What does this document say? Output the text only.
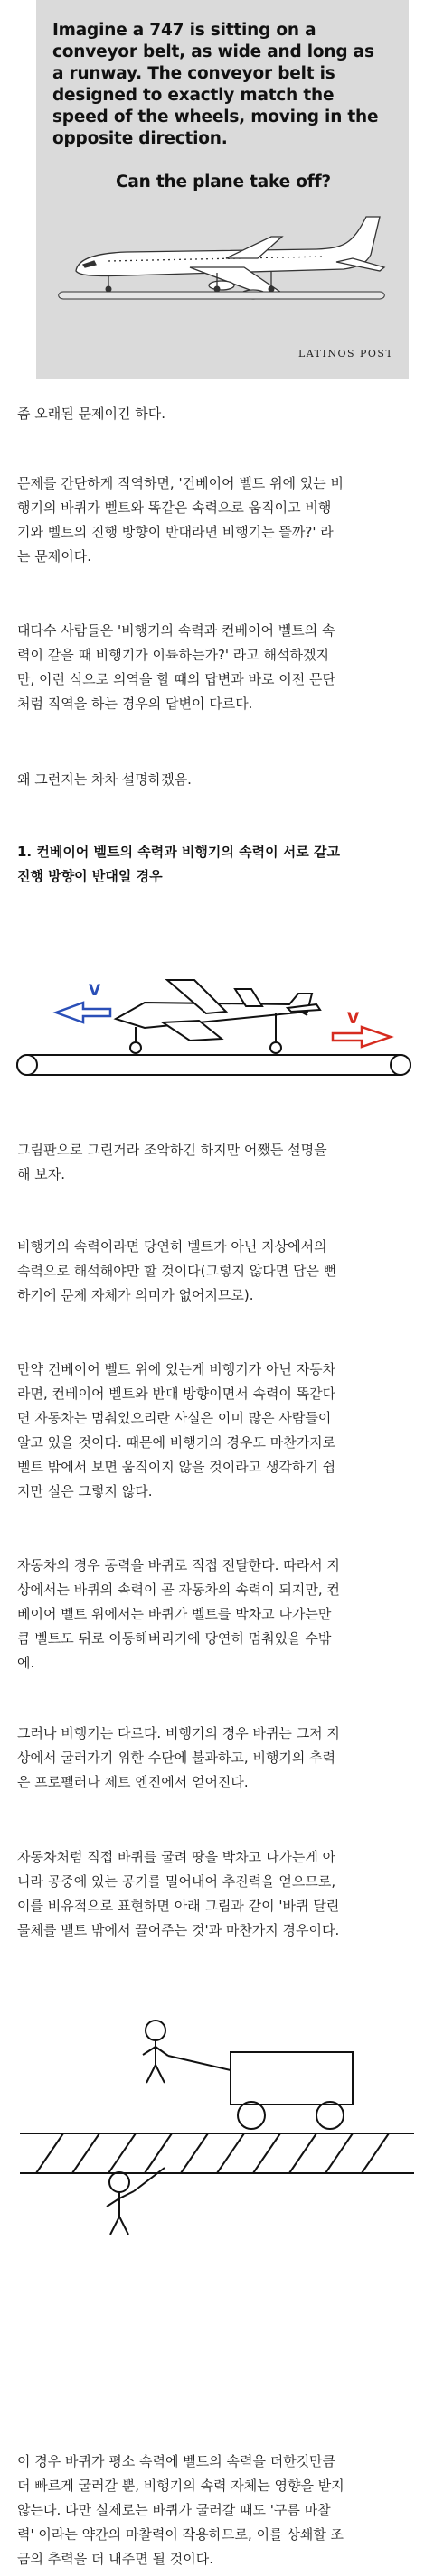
Imagine a 747 is sitting on a
conveyor belt, as wide and long as
a runway. The conveyor belt is
designed to exactly match the
speed of the wheels, moving in the
opposite direction.
Can the plane take off?
LATINOS POST
좀 오래된 문제이긴 하다.
문제를 간단하게 직역하면, '컨베이어 벨트 위에 있는 비
행기의 바퀴가 벨트와 똑같은 속력으로 움직이고 비행
기와 벨트의 진행 방향이 반대라면 비행기는 뜰까?' 라
는 문제이다.
대다수 사람들은 '비행기의 속력과 컨베이어 벨트의 속
력이 같을 때 비행기가 이륙하는가?' 라고 해석하겠지
만, 이런 식으로 의역을 할 때의 답변과 바로 이전 문단
처럼 직역을 하는 경우의 답변이 다르다.
왜 그런지는 차차 설명하겠음.
1. 컨베이어 벨트의 속력과 비행기의 속력이 서로 같고
진행 방향이 반대일 경우
V
V
그림판으로 그린거라 조악하긴 하지만 어쨌든 설명을
해 보자.
비행기의 속력이라면 당연히 벨트가 아닌 지상에서의
속력으로 해석해야만 할 것이다(그렇지 않다면 답은 뻔
하기에 문제 자체가 의미가 없어지므로).
만약 컨베이어 벨트 위에 있는게 비행기가 아닌 자동차
라면, 컨베이어 벨트와 반대 방향이면서 속력이 똑같다
면 자동차는 멈춰있으리란 사실은 이미 많은 사람들이
알고 있을 것이다. 때문에 비행기의 경우도 마찬가지로
벨트 밖에서 보면 움직이지 않을 것이라고 생각하기 쉽
지만 실은 그렇지 않다.
자동차의 경우 동력을 바퀴로 직접 전달한다. 따라서 지
상에서는 바퀴의 속력이 곧 자동차의 속력이 되지만, 컨
베이어 벨트 위에서는 바퀴가 벨트를 박차고 나가는만
큼 벨트도 뒤로 이동해버리기에 당연히 멈춰있을 수밖
에.
그러나 비행기는 다르다. 비행기의 경우 바퀴는 그저 지
상에서 굴러가기 위한 수단에 불과하고, 비행기의 추력
은 프로펠러나 제트 엔진에서 얻어진다.
자동차처럼 직접 바퀴를 굴려 땅을 박차고 나가는게 아
니라 공중에 있는 공기를 밀어내어 추진력을 얻으므로,
이를 비유적으로 표현하면 아래 그림과 같이 '바퀴 달린
물체를 벨트 밖에서 끌어주는 것'과 마찬가지 경우이다.
이 경우 바퀴가 평소 속력에 벨트의 속력을 더한것만큼
더 빠르게 굴러갈 뿐, 비행기의 속력 자체는 영향을 받지
않는다. 다만 실제로는 바퀴가 굴러갈 때도 '구름 마찰
력' 이라는 약간의 마찰력이 작용하므로, 이를 상쇄할 조
금의 추력을 더 내주면 될 것이다.
